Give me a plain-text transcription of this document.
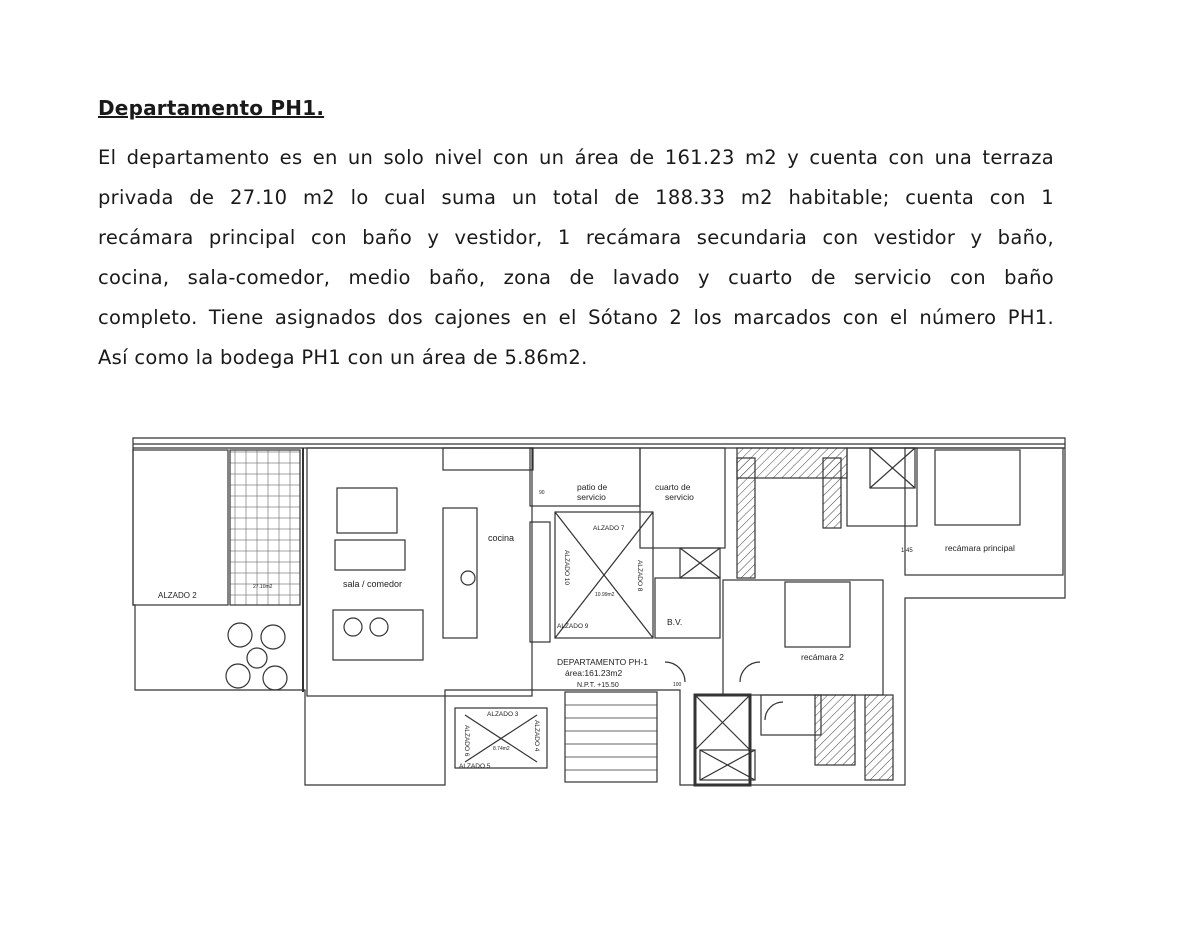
Departamento PH1.

El departamento es en un solo nivel con un área de 161.23 m2 y cuenta con una terraza

privada de 27.10 m2 lo cual suma un total de 188.33 m2 habitable; cuenta con 1

recámara principal con baño y vestidor, 1 recámara secundaria con vestidor y baño,

cocina, sala-comedor, medio baño, zona de lavado y cuarto de servicio con baño

completo. Tiene asignados dos cajones en el Sótano 2 los marcados con el número PH1.

Así como la bodega PH1 con un área de 5.86m2.

ALZADO 2
27.10m2	sala / comedor
cocina
patio de
servicio
cuarto de
servicio
ALZADO 7
ALZADO 9
10.99m2
B.V.
recámara principal
recámara 2
DEPARTAMENTO PH-1
área:161.23m2
N.P.T. +15.50
ALZADO 3
ALZADO 5
8.74m2
1.45
90
100
ALZADO 10	ALZADO 8
ALZADO 4
ALZADO 6
